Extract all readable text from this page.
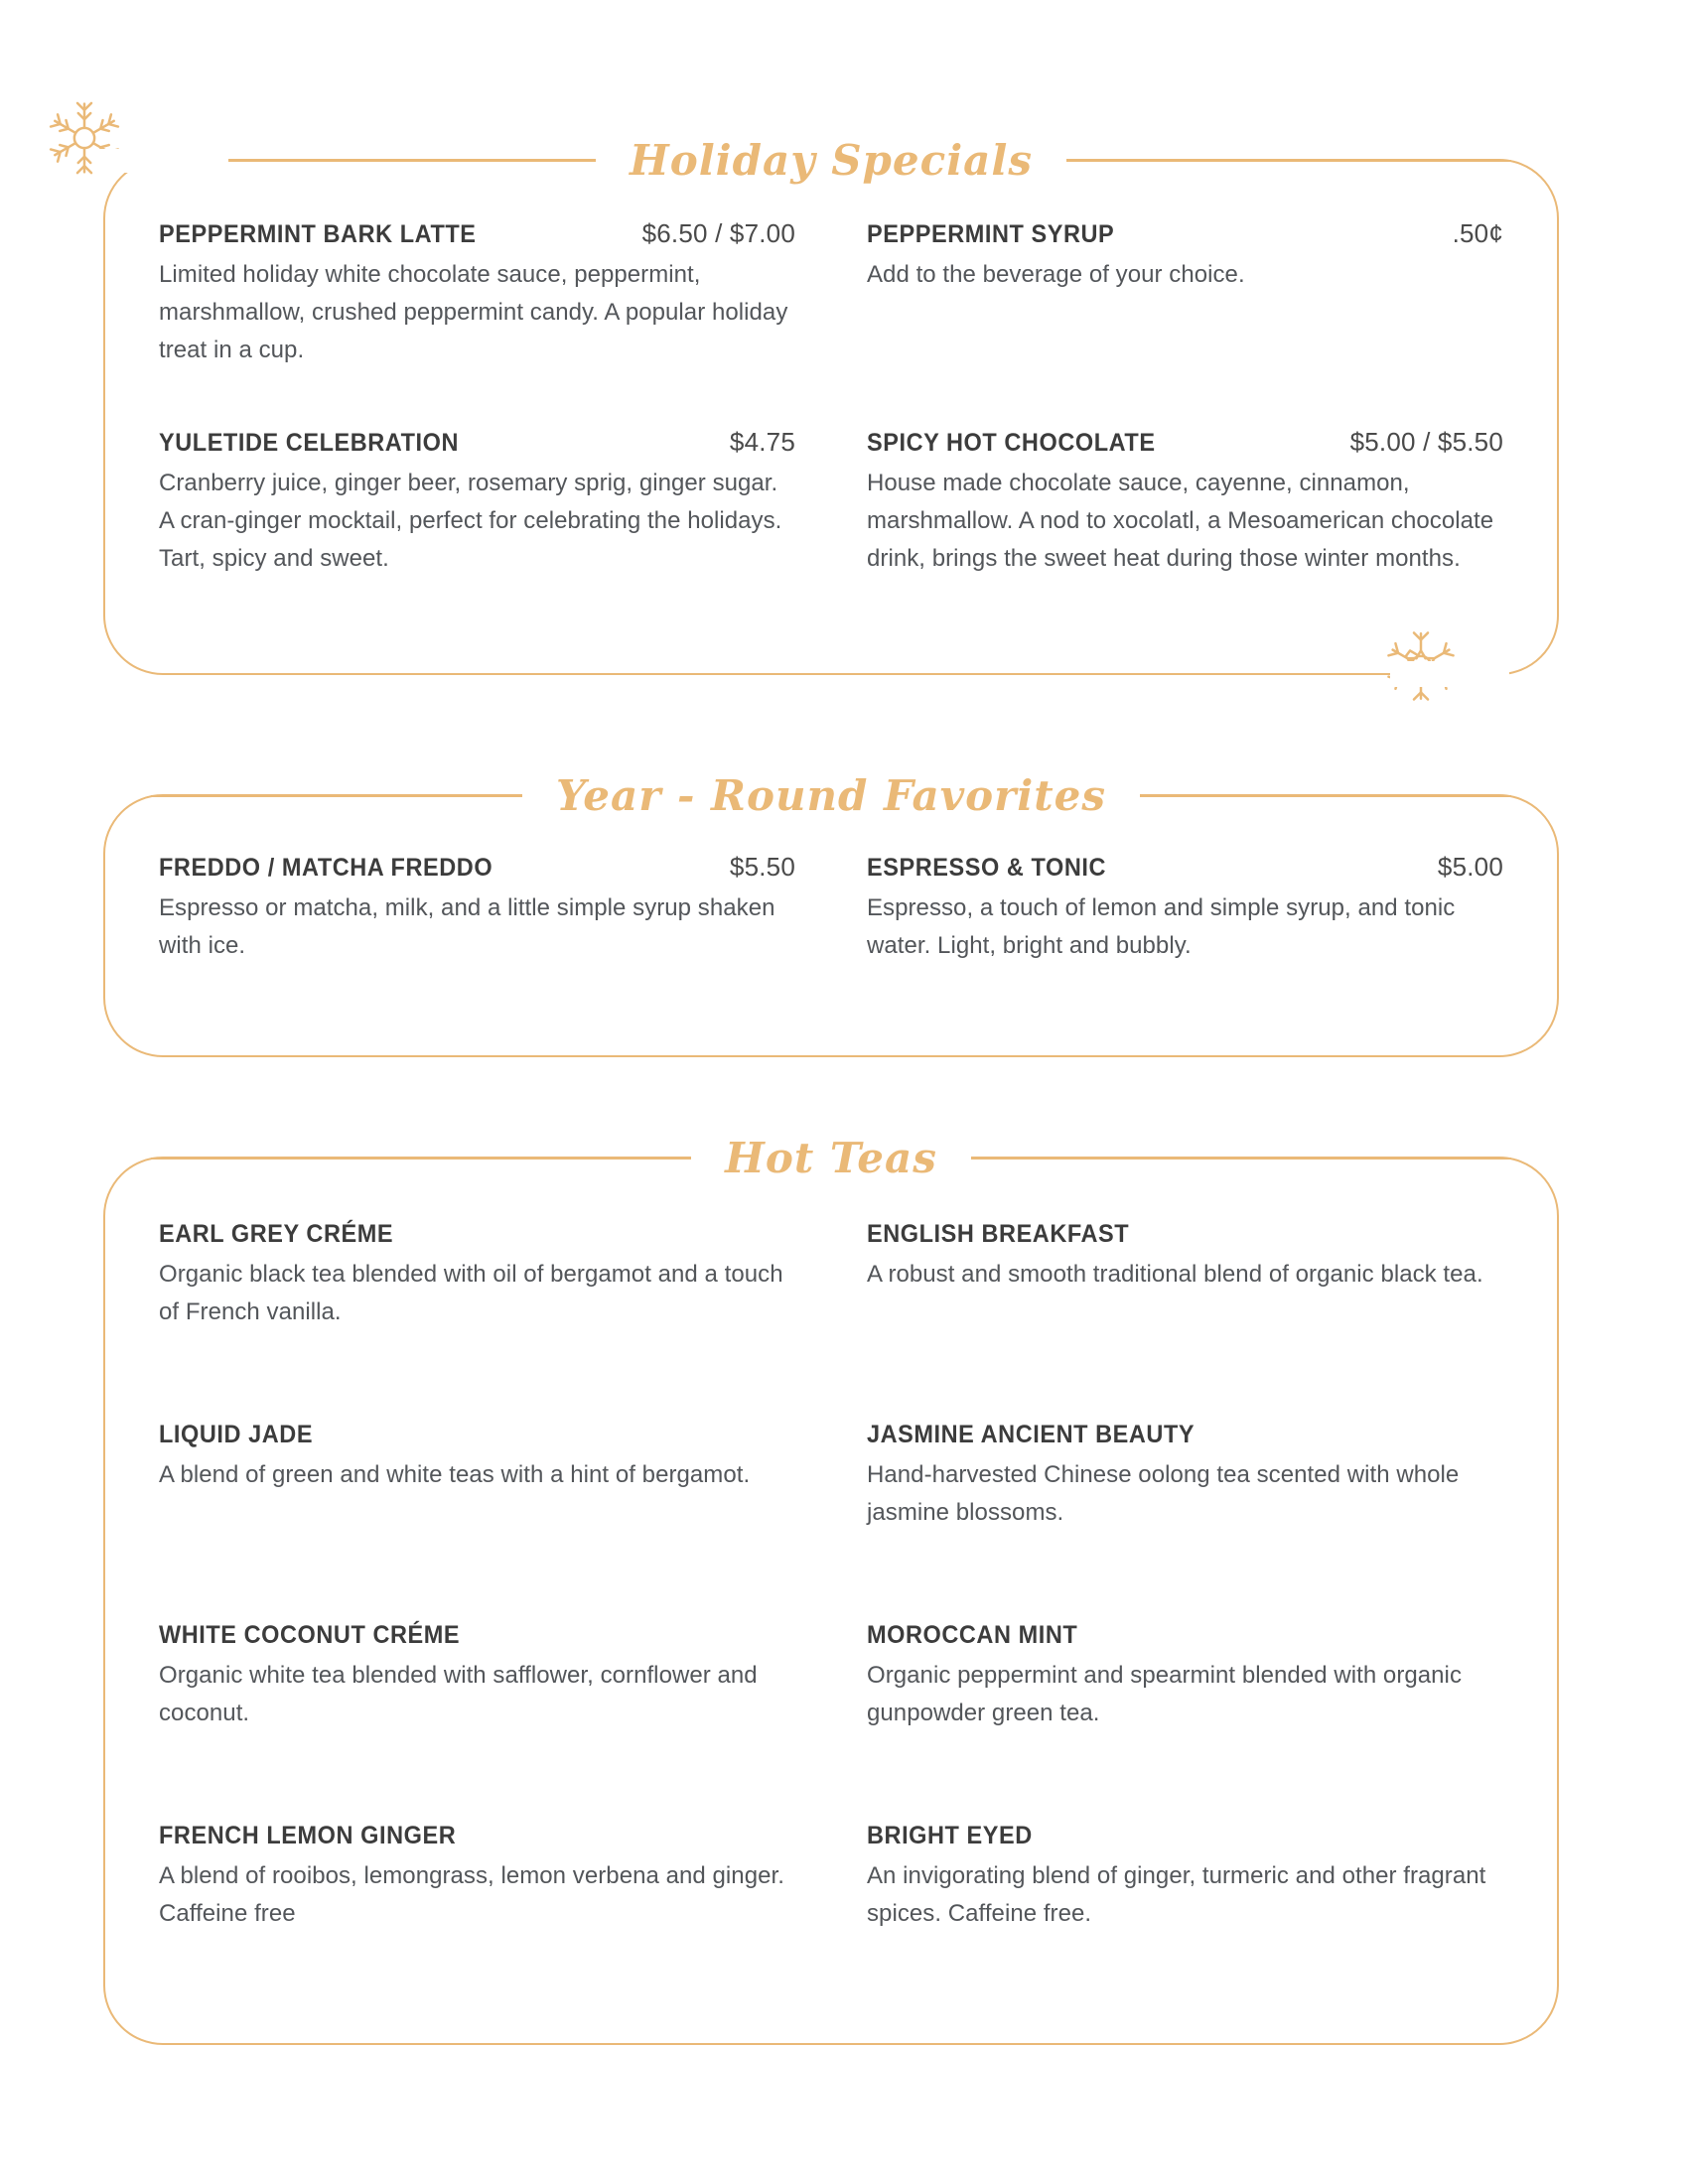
Holiday Specials
PEPPERMINT BARK LATTE	$6.50 / $7.00

Limited holiday white chocolate sauce, peppermint, marshmallow, crushed peppermint candy. A popular holiday treat in a cup.

PEPPERMINT SYRUP	.50¢

Add to the beverage of your choice.

YULETIDE CELEBRATION	$4.75

Cranberry juice, ginger beer, rosemary sprig, ginger sugar. A cran-ginger mocktail, perfect for celebrating the holidays. Tart, spicy and sweet.

SPICY HOT CHOCOLATE	$5.00 / $5.50

House made chocolate sauce, cayenne, cinnamon, marshmallow. A nod to xocolatl, a Mesoamerican chocolate drink, brings the sweet heat during those winter months.

Year - Round Favorites
FREDDO / MATCHA FREDDO	$5.50

Espresso or matcha, milk, and a little simple syrup shaken with ice.

ESPRESSO & TONIC	$5.00

Espresso, a touch of lemon and simple syrup, and tonic water. Light, bright and bubbly.

Hot Teas
EARL GREY CRÉME

Organic black tea blended with oil of bergamot and a touch of French vanilla.

ENGLISH BREAKFAST

A robust and smooth traditional blend of organic black tea.

LIQUID JADE

A blend of green and white teas with a hint of bergamot.

JASMINE ANCIENT BEAUTY

Hand-harvested Chinese oolong tea scented with whole jasmine blossoms.

WHITE COCONUT CRÉME

Organic white tea blended with safflower, cornflower and coconut.

MOROCCAN MINT

Organic peppermint and spearmint blended with organic gunpowder green tea.

FRENCH LEMON GINGER

A blend of rooibos, lemongrass, lemon verbena and ginger. Caffeine free

BRIGHT EYED

An invigorating blend of ginger, turmeric and other fragrant spices. Caffeine free.
